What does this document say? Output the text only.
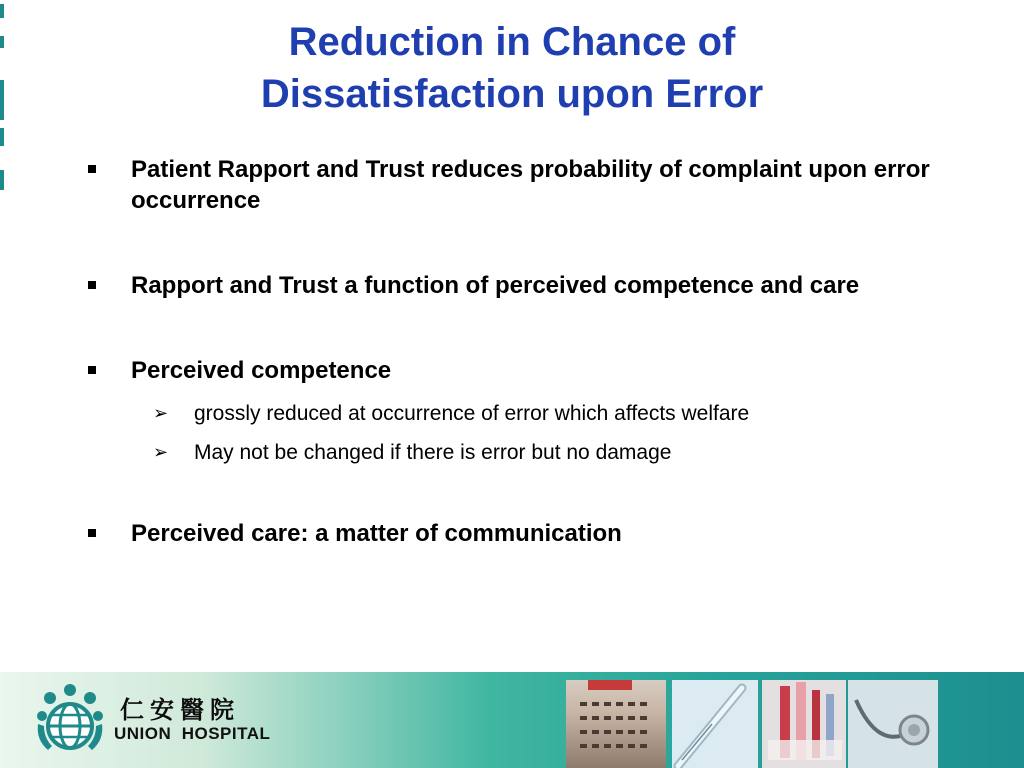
Reduction in Chance of
Dissatisfaction upon Error
Patient Rapport and Trust reduces probability of complaint upon error occurrence
Rapport and Trust a function of perceived competence and care
Perceived competence
➢ grossly reduced at occurrence of error which affects welfare
➢ May not be changed if there is error but no damage
Perceived care: a matter of communication
仁安醫院
UNION  HOSPITAL
